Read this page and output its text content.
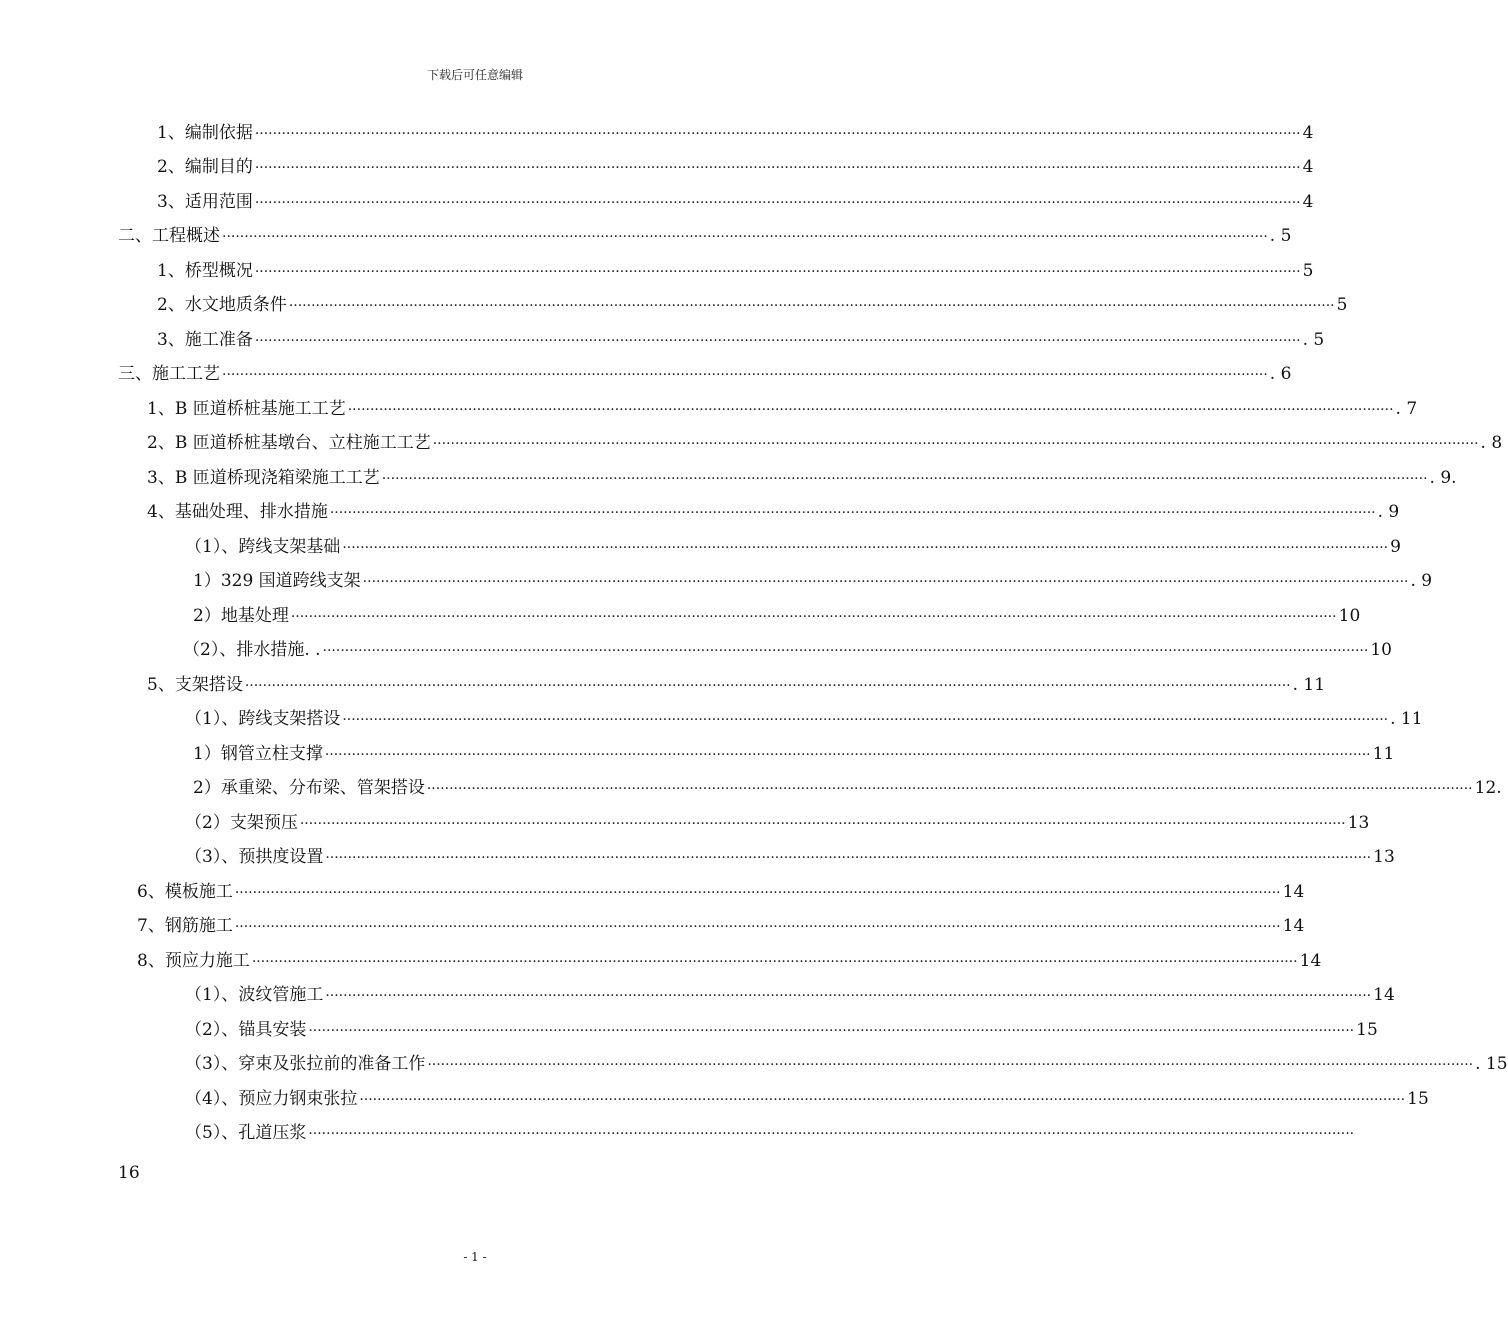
下载后可任意编辑
1、编制依据 ··········································································································································································································································· 4
2、编制目的 ··········································································································································································································································· 4
3、适用范围 ··········································································································································································································································· 4
二、工程概述 ··········································································································································································································································· . 5
1、桥型概况 ··········································································································································································································································· 5
2、水文地质条件 ··········································································································································································································································· 5
3、施工准备 ··········································································································································································································································· . 5
三、施工工艺 ··········································································································································································································································· . 6
1、B 匝道桥桩基施工工艺 ··········································································································································································································································· . 7
2、B 匝道桥桩基墩台、立柱施工工艺 ··········································································································································································································································· . 8
3、B 匝道桥现浇箱梁施工工艺 ··········································································································································································································································· . 9.
4、基础处理、排水措施 ··········································································································································································································································· . 9
（1）、跨线支架基础 ··········································································································································································································································· 9
1）329 国道跨线支架 ··········································································································································································································································· . 9
2）地基处理 ··········································································································································································································································· 10
（2）、排水措施. . ··········································································································································································································································· 10
5、支架搭设 ··········································································································································································································································· . 11
（1）、跨线支架搭设 ··········································································································································································································································· . 11
1）钢管立柱支撑 ··········································································································································································································································· 11
2）承重梁、分布梁、管架搭设 ··········································································································································································································································· 12.
（2）支架预压 ··········································································································································································································································· 13
（3）、预拱度设置 ··········································································································································································································································· 13
6、模板施工 ··········································································································································································································································· 14
7、钢筋施工 ··········································································································································································································································· 14
8、预应力施工 ··········································································································································································································································· 14
（1）、波纹管施工 ··········································································································································································································································· 14
（2）、锚具安装 ··········································································································································································································································· 15
（3）、穿束及张拉前的准备工作 ··········································································································································································································································· . 15
（4）、预应力钢束张拉 ··········································································································································································································································· 15
（5）、孔道压浆 ···········································································································································································································································
16
- 1 -
